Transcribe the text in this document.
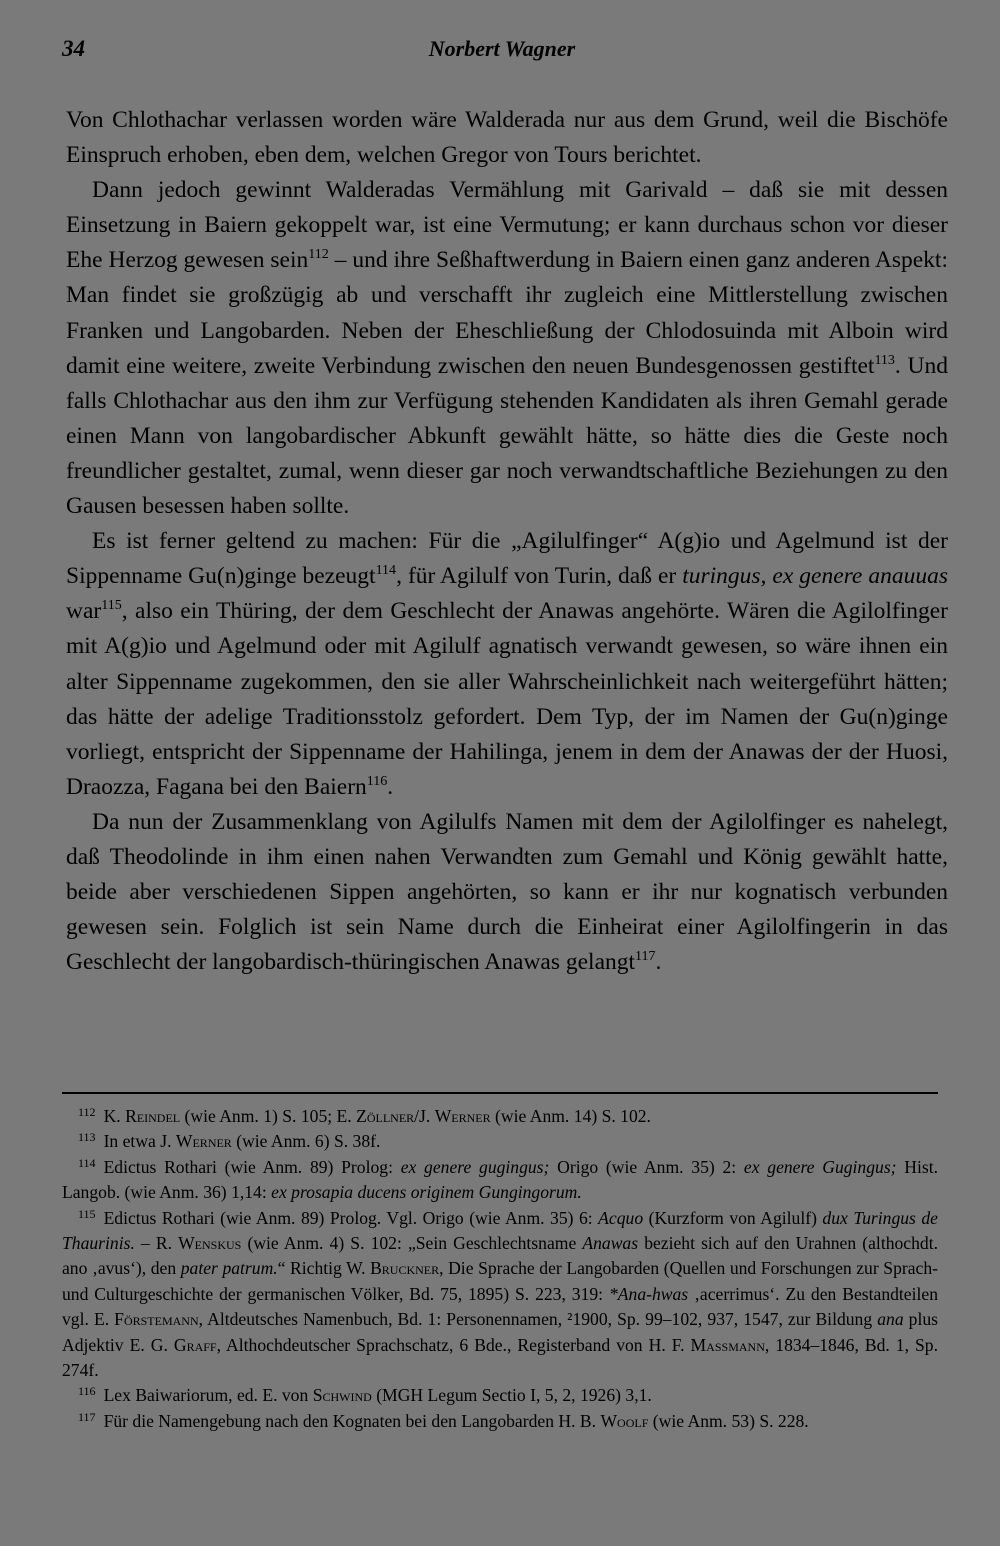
34	Norbert Wagner

Von Chlothachar verlassen worden wäre Walderada nur aus dem Grund, weil die Bischöfe Einspruch erhoben, eben dem, welchen Gregor von Tours berichtet.

Dann jedoch gewinnt Walderadas Vermählung mit Garivald – daß sie mit dessen Einsetzung in Baiern gekoppelt war, ist eine Vermutung; er kann durchaus schon vor dieser Ehe Herzog gewesen sein$^{112}$ – und ihre Seßhaftwerdung in Baiern einen ganz anderen Aspekt: Man findet sie großzügig ab und verschafft ihr zugleich eine Mittlerstellung zwischen Franken und Langobarden. Neben der Eheschließung der Chlodosuinda mit Alboin wird damit eine weitere, zweite Verbindung zwischen den neuen Bundesgenossen gestiftet$^{113}$. Und falls Chlothachar aus den ihm zur Verfügung stehenden Kandidaten als ihren Gemahl gerade einen Mann von langobardischer Abkunft gewählt hätte, so hätte dies die Geste noch freundlicher gestaltet, zumal, wenn dieser gar noch verwandtschaftliche Beziehungen zu den Gausen besessen haben sollte.

Es ist ferner geltend zu machen: Für die „Agilulfinger“ A(g)io und Agelmund ist der Sippenname Gu(n)ginge bezeugt$^{114}$, für Agilulf von Turin, daß er turingus, ex genere anauuas war$^{115}$, also ein Thüring, der dem Geschlecht der Anawas angehörte. Wären die Agilolfinger mit A(g)io und Agelmund oder mit Agilulf agnatisch verwandt gewesen, so wäre ihnen ein alter Sippenname zugekommen, den sie aller Wahrscheinlichkeit nach weitergeführt hätten; das hätte der adelige Traditionsstolz gefordert. Dem Typ, der im Namen der Gu(n)ginge vorliegt, entspricht der Sippenname der Hahilinga, jenem in dem der Anawas der der Huosi, Draozza, Fagana bei den Baiern$^{116}$.

Da nun der Zusammenklang von Agilulfs Namen mit dem der Agilolfinger es nahelegt, daß Theodolinde in ihm einen nahen Verwandten zum Gemahl und König gewählt hatte, beide aber verschiedenen Sippen angehörten, so kann er ihr nur kognatisch verbunden gewesen sein. Folglich ist sein Name durch die Einheirat einer Agilolfingerin in das Geschlecht der langobardisch-thüringischen Anawas gelangt$^{117}$.

$^{112}$ K. Reindel (wie Anm. 1) S. 105; E. Zöllner/J. Werner (wie Anm. 14) S. 102.

$^{113}$ In etwa J. Werner (wie Anm. 6) S. 38f.

$^{114}$ Edictus Rothari (wie Anm. 89) Prolog: ex genere gugingus; Origo (wie Anm. 35) 2: ex genere Gugingus; Hist. Langob. (wie Anm. 36) 1,14: ex prosapia ducens originem Gungingorum.

$^{115}$ Edictus Rothari (wie Anm. 89) Prolog. Vgl. Origo (wie Anm. 35) 6: Acquo (Kurzform von Agilulf) dux Turingus de Thaurinis. – R. Wenskus (wie Anm. 4) S. 102: „Sein Geschlechtsname Anawas bezieht sich auf den Urahnen (althochdt. ano ‚avus‘), den pater patrum.“ Richtig W. Bruckner, Die Sprache der Langobarden (Quellen und Forschungen zur Sprach- und Culturgeschichte der germanischen Völker, Bd. 75, 1895) S. 223, 319: *Ana-hwas ‚acerrimus‘. Zu den Bestandteilen vgl. E. Förstemann, Altdeutsches Namenbuch, Bd. 1: Personennamen, ²1900, Sp. 99–102, 937, 1547, zur Bildung ana plus Adjektiv E. G. Graff, Althochdeutscher Sprachschatz, 6 Bde., Registerband von H. F. Massmann, 1834–1846, Bd. 1, Sp. 274f.

$^{116}$ Lex Baiwariorum, ed. E. von Schwind (MGH Legum Sectio I, 5, 2, 1926) 3,1.

$^{117}$ Für die Namengebung nach den Kognaten bei den Langobarden H. B. Woolf (wie Anm. 53) S. 228.
